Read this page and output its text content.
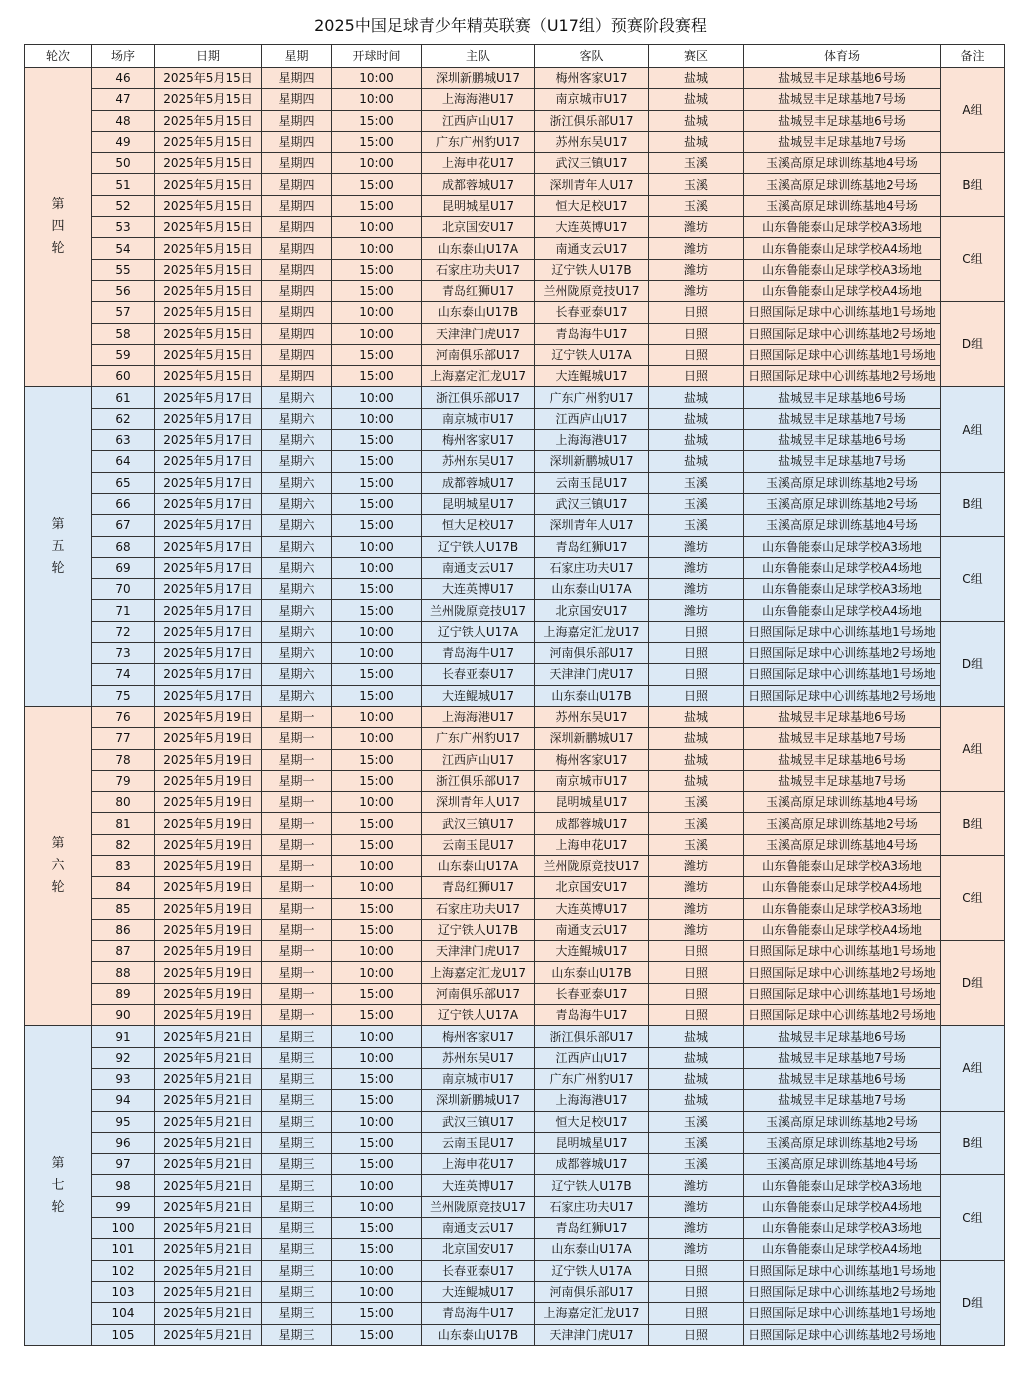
2025中国足球青少年精英联赛（U17组）预赛阶段赛程
轮次	场序	日期	星期	开球时间	主队	客队	赛区	体育场	备注

第
四
轮	46	2025年5月15日	星期四	10:00	深圳新鹏城U17	梅州客家U17	盐城	盐城昱丰足球基地6号场	A组
	47	2025年5月15日	星期四	10:00	上海海港U17	南京城市U17	盐城	盐城昱丰足球基地7号场	
	48	2025年5月15日	星期四	15:00	江西庐山U17	浙江俱乐部U17	盐城	盐城昱丰足球基地6号场	
	49	2025年5月15日	星期四	15:00	广东广州豹U17	苏州东吴U17	盐城	盐城昱丰足球基地7号场	
	50	2025年5月15日	星期四	10:00	上海申花U17	武汉三镇U17	玉溪	玉溪高原足球训练基地4号场	B组
	51	2025年5月15日	星期四	15:00	成都蓉城U17	深圳青年人U17	玉溪	玉溪高原足球训练基地2号场	
	52	2025年5月15日	星期四	15:00	昆明城星U17	恒大足校U17	玉溪	玉溪高原足球训练基地4号场	
	53	2025年5月15日	星期四	10:00	北京国安U17	大连英博U17	潍坊	山东鲁能泰山足球学校A3场地	C组
	54	2025年5月15日	星期四	10:00	山东泰山U17A	南通支云U17	潍坊	山东鲁能泰山足球学校A4场地	
	55	2025年5月15日	星期四	15:00	石家庄功夫U17	辽宁铁人U17B	潍坊	山东鲁能泰山足球学校A3场地	
	56	2025年5月15日	星期四	15:00	青岛红狮U17	兰州陇原竞技U17	潍坊	山东鲁能泰山足球学校A4场地	
	57	2025年5月15日	星期四	10:00	山东泰山U17B	长春亚泰U17	日照	日照国际足球中心训练基地1号场地	D组
	58	2025年5月15日	星期四	10:00	天津津门虎U17	青岛海牛U17	日照	日照国际足球中心训练基地2号场地	
	59	2025年5月15日	星期四	15:00	河南俱乐部U17	辽宁铁人U17A	日照	日照国际足球中心训练基地1号场地	
	60	2025年5月15日	星期四	15:00	上海嘉定汇龙U17	大连鲲城U17	日照	日照国际足球中心训练基地2号场地	

第
五
轮	61	2025年5月17日	星期六	10:00	浙江俱乐部U17	广东广州豹U17	盐城	盐城昱丰足球基地6号场	A组
	62	2025年5月17日	星期六	10:00	南京城市U17	江西庐山U17	盐城	盐城昱丰足球基地7号场	
	63	2025年5月17日	星期六	15:00	梅州客家U17	上海海港U17	盐城	盐城昱丰足球基地6号场	
	64	2025年5月17日	星期六	15:00	苏州东吴U17	深圳新鹏城U17	盐城	盐城昱丰足球基地7号场	
	65	2025年5月17日	星期六	15:00	成都蓉城U17	云南玉昆U17	玉溪	玉溪高原足球训练基地2号场	B组
	66	2025年5月17日	星期六	15:00	昆明城星U17	武汉三镇U17	玉溪	玉溪高原足球训练基地2号场	
	67	2025年5月17日	星期六	15:00	恒大足校U17	深圳青年人U17	玉溪	玉溪高原足球训练基地4号场	
	68	2025年5月17日	星期六	10:00	辽宁铁人U17B	青岛红狮U17	潍坊	山东鲁能泰山足球学校A3场地	C组
	69	2025年5月17日	星期六	10:00	南通支云U17	石家庄功夫U17	潍坊	山东鲁能泰山足球学校A4场地	
	70	2025年5月17日	星期六	15:00	大连英博U17	山东泰山U17A	潍坊	山东鲁能泰山足球学校A3场地	
	71	2025年5月17日	星期六	15:00	兰州陇原竞技U17	北京国安U17	潍坊	山东鲁能泰山足球学校A4场地	
	72	2025年5月17日	星期六	10:00	辽宁铁人U17A	上海嘉定汇龙U17	日照	日照国际足球中心训练基地1号场地	D组
	73	2025年5月17日	星期六	10:00	青岛海牛U17	河南俱乐部U17	日照	日照国际足球中心训练基地2号场地	
	74	2025年5月17日	星期六	15:00	长春亚泰U17	天津津门虎U17	日照	日照国际足球中心训练基地1号场地	
	75	2025年5月17日	星期六	15:00	大连鲲城U17	山东泰山U17B	日照	日照国际足球中心训练基地2号场地	

第
六
轮	76	2025年5月19日	星期一	10:00	上海海港U17	苏州东吴U17	盐城	盐城昱丰足球基地6号场	A组
	77	2025年5月19日	星期一	10:00	广东广州豹U17	深圳新鹏城U17	盐城	盐城昱丰足球基地7号场	
	78	2025年5月19日	星期一	15:00	江西庐山U17	梅州客家U17	盐城	盐城昱丰足球基地6号场	
	79	2025年5月19日	星期一	15:00	浙江俱乐部U17	南京城市U17	盐城	盐城昱丰足球基地7号场	
	80	2025年5月19日	星期一	10:00	深圳青年人U17	昆明城星U17	玉溪	玉溪高原足球训练基地4号场	B组
	81	2025年5月19日	星期一	15:00	武汉三镇U17	成都蓉城U17	玉溪	玉溪高原足球训练基地2号场	
	82	2025年5月19日	星期一	15:00	云南玉昆U17	上海申花U17	玉溪	玉溪高原足球训练基地4号场	
	83	2025年5月19日	星期一	10:00	山东泰山U17A	兰州陇原竞技U17	潍坊	山东鲁能泰山足球学校A3场地	C组
	84	2025年5月19日	星期一	10:00	青岛红狮U17	北京国安U17	潍坊	山东鲁能泰山足球学校A4场地	
	85	2025年5月19日	星期一	15:00	石家庄功夫U17	大连英博U17	潍坊	山东鲁能泰山足球学校A3场地	
	86	2025年5月19日	星期一	15:00	辽宁铁人U17B	南通支云U17	潍坊	山东鲁能泰山足球学校A4场地	
	87	2025年5月19日	星期一	10:00	天津津门虎U17	大连鲲城U17	日照	日照国际足球中心训练基地1号场地	D组
	88	2025年5月19日	星期一	10:00	上海嘉定汇龙U17	山东泰山U17B	日照	日照国际足球中心训练基地2号场地	
	89	2025年5月19日	星期一	15:00	河南俱乐部U17	长春亚泰U17	日照	日照国际足球中心训练基地1号场地	
	90	2025年5月19日	星期一	15:00	辽宁铁人U17A	青岛海牛U17	日照	日照国际足球中心训练基地2号场地	

第
七
轮	91	2025年5月21日	星期三	10:00	梅州客家U17	浙江俱乐部U17	盐城	盐城昱丰足球基地6号场	A组
	92	2025年5月21日	星期三	10:00	苏州东吴U17	江西庐山U17	盐城	盐城昱丰足球基地7号场	
	93	2025年5月21日	星期三	15:00	南京城市U17	广东广州豹U17	盐城	盐城昱丰足球基地6号场	
	94	2025年5月21日	星期三	15:00	深圳新鹏城U17	上海海港U17	盐城	盐城昱丰足球基地7号场	
	95	2025年5月21日	星期三	10:00	武汉三镇U17	恒大足校U17	玉溪	玉溪高原足球训练基地2号场	B组
	96	2025年5月21日	星期三	15:00	云南玉昆U17	昆明城星U17	玉溪	玉溪高原足球训练基地2号场	
	97	2025年5月21日	星期三	15:00	上海申花U17	成都蓉城U17	玉溪	玉溪高原足球训练基地4号场	
	98	2025年5月21日	星期三	10:00	大连英博U17	辽宁铁人U17B	潍坊	山东鲁能泰山足球学校A3场地	C组
	99	2025年5月21日	星期三	10:00	兰州陇原竞技U17	石家庄功夫U17	潍坊	山东鲁能泰山足球学校A4场地	
	100	2025年5月21日	星期三	15:00	南通支云U17	青岛红狮U17	潍坊	山东鲁能泰山足球学校A3场地	
	101	2025年5月21日	星期三	15:00	北京国安U17	山东泰山U17A	潍坊	山东鲁能泰山足球学校A4场地	
	102	2025年5月21日	星期三	10:00	长春亚泰U17	辽宁铁人U17A	日照	日照国际足球中心训练基地1号场地	D组
	103	2025年5月21日	星期三	10:00	大连鲲城U17	河南俱乐部U17	日照	日照国际足球中心训练基地2号场地	
	104	2025年5月21日	星期三	15:00	青岛海牛U17	上海嘉定汇龙U17	日照	日照国际足球中心训练基地1号场地	
	105	2025年5月21日	星期三	15:00	山东泰山U17B	天津津门虎U17	日照	日照国际足球中心训练基地2号场地	
